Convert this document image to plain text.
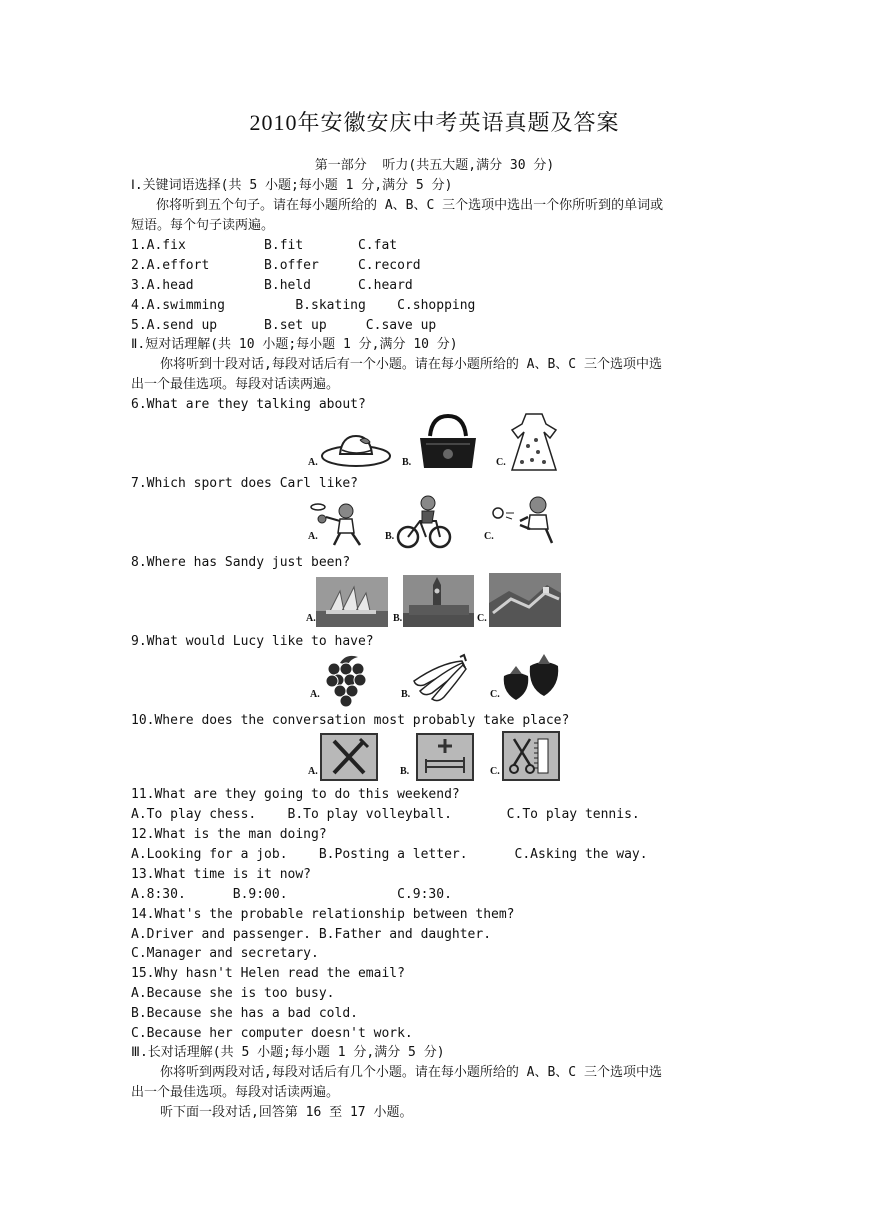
2010年安徽安庆中考英语真题及答案
第一部分  听力(共五大题,满分 30 分)
Ⅰ.关键词语选择(共 5 小题;每小题 1 分,满分 5 分)
你将听到五个句子。请在每小题所给的 A、B、C 三个选项中选出一个你所听到的单词或
短语。每个句子读两遍。
1.A.fix          B.fit       C.fat
2.A.effort       B.offer     C.record
3.A.head         B.held      C.heard
4.A.swimming         B.skating    C.shopping
5.A.send up      B.set up     C.save up
Ⅱ.短对话理解(共 10 小题;每小题 1 分,满分 10 分)
你将听到十段对话,每段对话后有一个小题。请在每小题所给的 A、B、C 三个选项中选
出一个最佳选项。每段对话读两遍。
6.What are they talking about?
A.	B.	C.
7.Which sport does Carl like?
A.	B.	C.
8.Where has Sandy just been?
A.	B.	C.
9.What would Lucy like to have?
A.	B.	C.
10.Where does the conversation most probably take place?
A.	B.	C.
11.What are they going to do this weekend?
A.To play chess.    B.To play volleyball.       C.To play tennis.
12.What is the man doing?
A.Looking for a job.    B.Posting a letter.      C.Asking the way.
13.What time is it now?
A.8:30.      B.9:00.              C.9:30.
14.What's the probable relationship between them?
A.Driver and passenger. B.Father and daughter.
C.Manager and secretary.
15.Why hasn't Helen read the email?
A.Because she is too busy.
B.Because she has a bad cold.
C.Because her computer doesn't work.
Ⅲ.长对话理解(共 5 小题;每小题 1 分,满分 5 分)
你将听到两段对话,每段对话后有几个小题。请在每小题所给的 A、B、C 三个选项中选
出一个最佳选项。每段对话读两遍。
听下面一段对话,回答第 16 至 17 小题。
